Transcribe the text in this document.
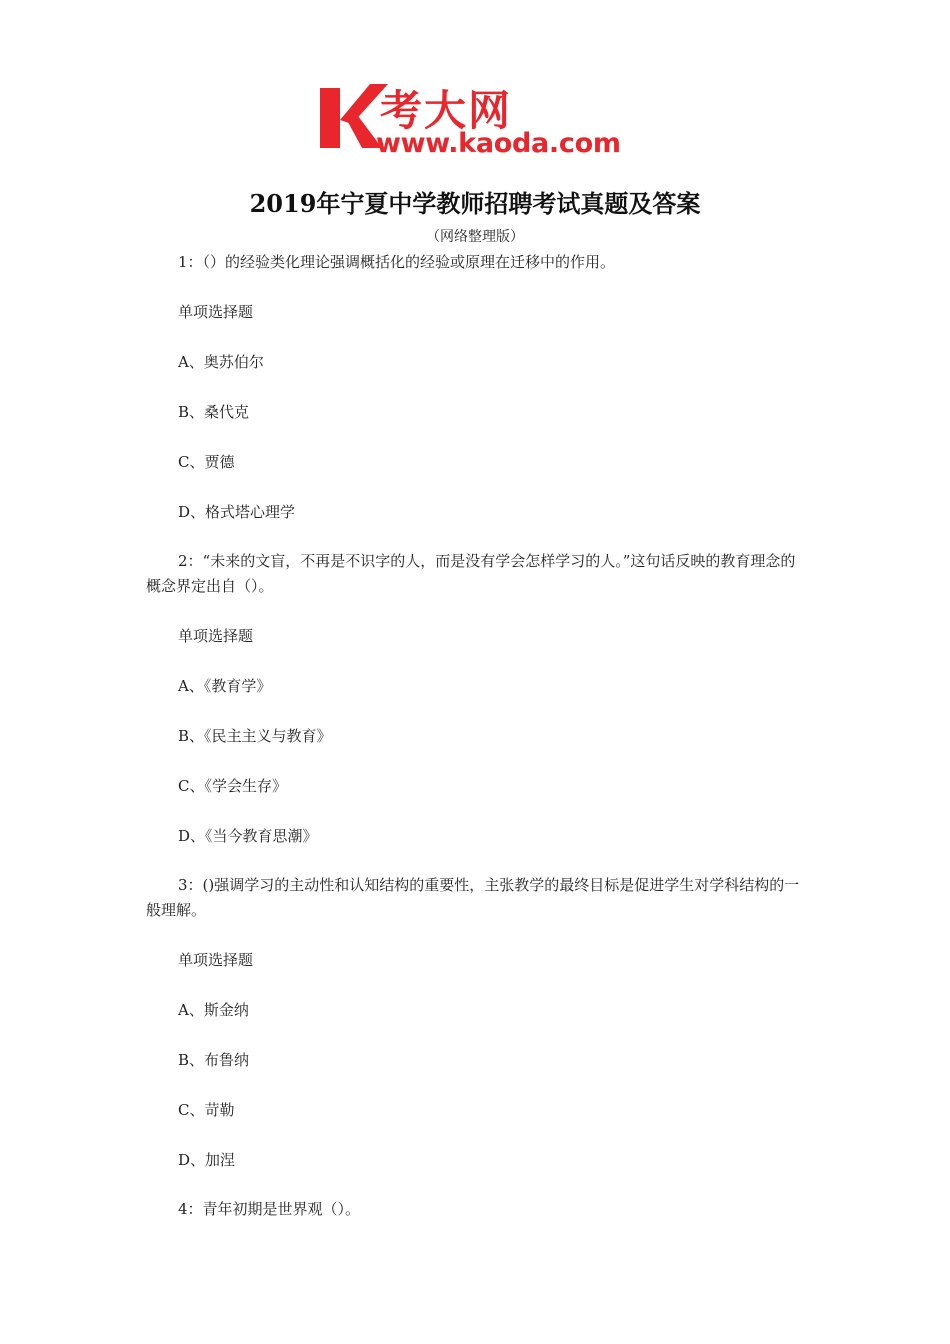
考大网
www.kaoda.com
2019年宁夏中学教师招聘考试真题及答案
（网络整理版）
1：（）的经验类化理论强调概括化的经验或原理在迁移中的作用。
单项选择题
A、奥苏伯尔
B、桑代克
C、贾德
D、格式塔心理学
2：“未来的文盲，不再是不识字的人，而是没有学会怎样学习的人。”这句话反映的教育理念的概念界定出自（）。
单项选择题
A、《教育学》
B、《民主主义与教育》
C、《学会生存》
D、《当今教育思潮》
3：()强调学习的主动性和认知结构的重要性，主张教学的最终目标是促进学生对学科结构的一般理解。
单项选择题
A、斯金纳
B、布鲁纳
C、苛勒
D、加涅
4：青年初期是世界观（）。
